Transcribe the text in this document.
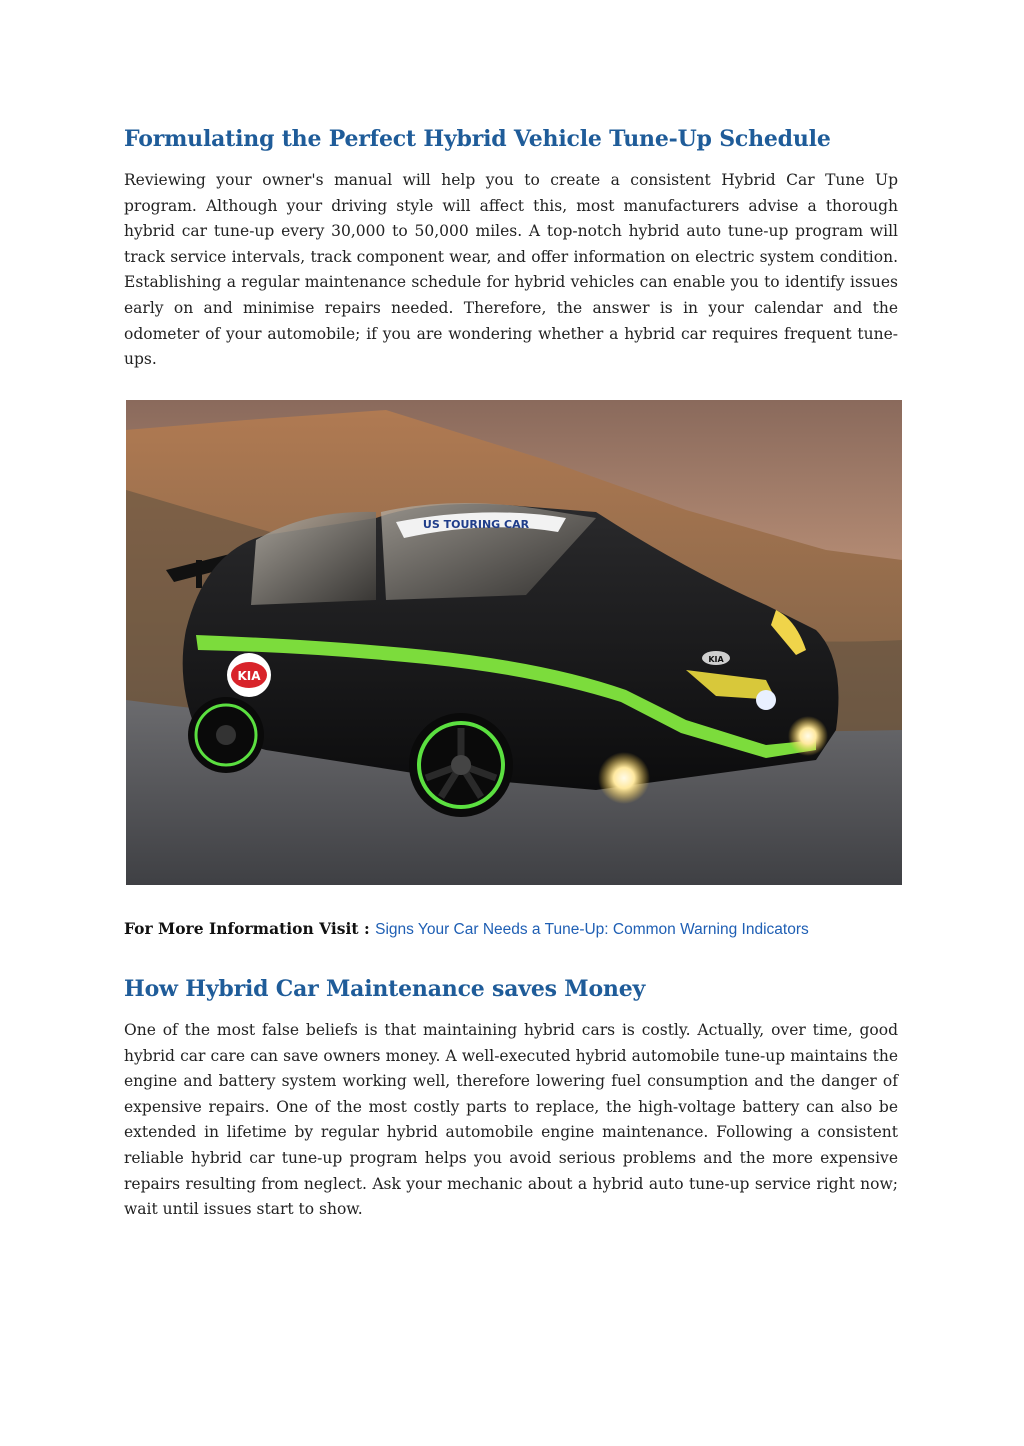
Formulating the Perfect Hybrid Vehicle Tune-Up Schedule

Reviewing your owner's manual will help you to create a consistent Hybrid Car Tune Up program. Although your driving style will affect this, most manufacturers advise a thorough hybrid car tune-up every 30,000 to 50,000 miles. A top-notch hybrid auto tune-up program will track service intervals, track component wear, and offer information on electric system condition. Establishing a regular maintenance schedule for hybrid vehicles can enable you to identify issues early on and minimise repairs needed. Therefore, the answer is in your calendar and the odometer of your automobile; if you are wondering whether a hybrid car requires frequent tune-ups.

How Hybrid Car Maintenance saves Money

One of the most false beliefs is that maintaining hybrid cars is costly. Actually, over time, good hybrid car care can save owners money. A well-executed hybrid automobile tune-up maintains the engine and battery system working well, therefore lowering fuel consumption and the danger of expensive repairs. One of the most costly parts to replace, the high-voltage battery can also be extended in lifetime by regular hybrid automobile engine maintenance. Following a consistent reliable hybrid car tune-up program helps you avoid serious problems and the more expensive repairs resulting from neglect. Ask your mechanic about a hybrid auto tune-up service right now; wait until issues start to show.

US TOURING CAR
KIA
KIA
For More Information Visit : Signs Your Car Needs a Tune-Up: Common Warning Indicators
